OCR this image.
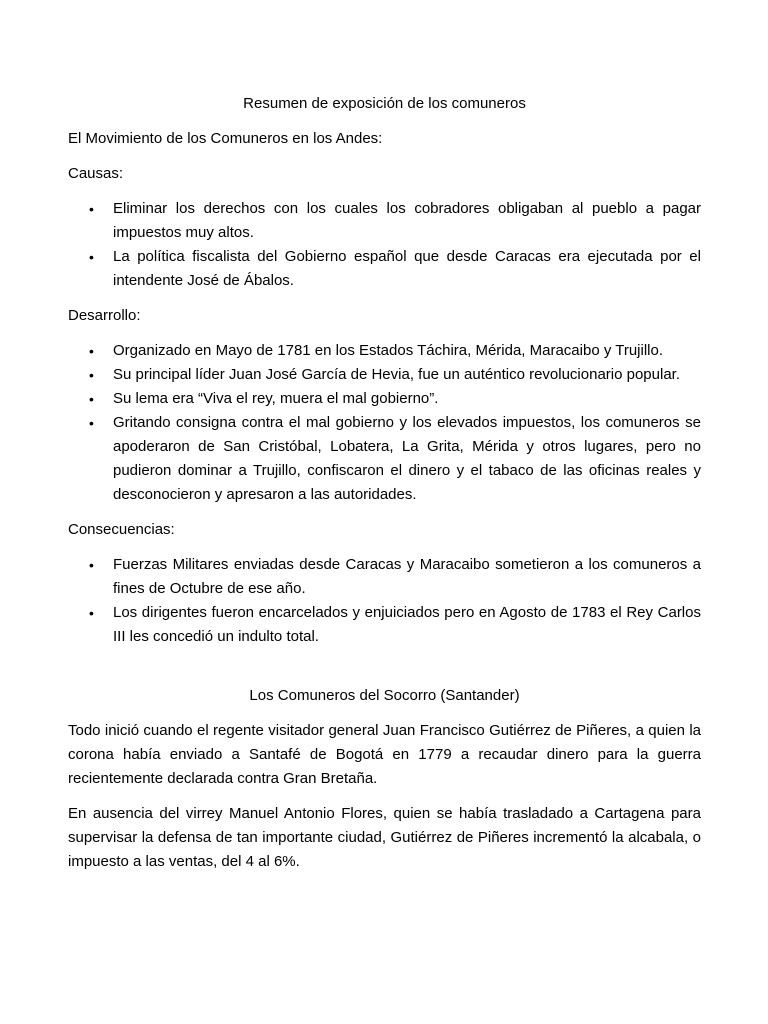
Resumen de exposición de los comuneros
El Movimiento de los Comuneros en los Andes:
Causas:
• Eliminar los derechos con los cuales los cobradores obligaban al pueblo a pagar impuestos muy altos.
• La política fiscalista del Gobierno español que desde Caracas era ejecutada por el intendente José de Ábalos.
Desarrollo:
• Organizado en Mayo de 1781 en los Estados Táchira, Mérida, Maracaibo y Trujillo.
• Su principal líder Juan José García de Hevia, fue un auténtico revolucionario popular.
• Su lema era “Viva el rey, muera el mal gobierno”.
• Gritando consigna contra el mal gobierno y los elevados impuestos, los comuneros se apoderaron de San Cristóbal, Lobatera, La Grita, Mérida y otros lugares, pero no pudieron dominar a Trujillo, confiscaron el dinero y el tabaco de las oficinas reales y desconocieron y apresaron a las autoridades.
Consecuencias:
• Fuerzas Militares enviadas desde Caracas y Maracaibo sometieron a los comuneros a fines de Octubre de ese año.
• Los dirigentes fueron encarcelados y enjuiciados pero en Agosto de 1783 el Rey Carlos III les concedió un indulto total.
Los Comuneros del Socorro (Santander)
Todo inició cuando el regente visitador general Juan Francisco Gutiérrez de Piñeres, a quien la corona había enviado a Santafé de Bogotá en 1779 a recaudar dinero para la guerra recientemente declarada contra Gran Bretaña.
En ausencia del virrey Manuel Antonio Flores, quien se había trasladado a Cartagena para supervisar la defensa de tan importante ciudad, Gutiérrez de Piñeres incrementó la alcabala, o impuesto a las ventas, del 4 al 6%.
